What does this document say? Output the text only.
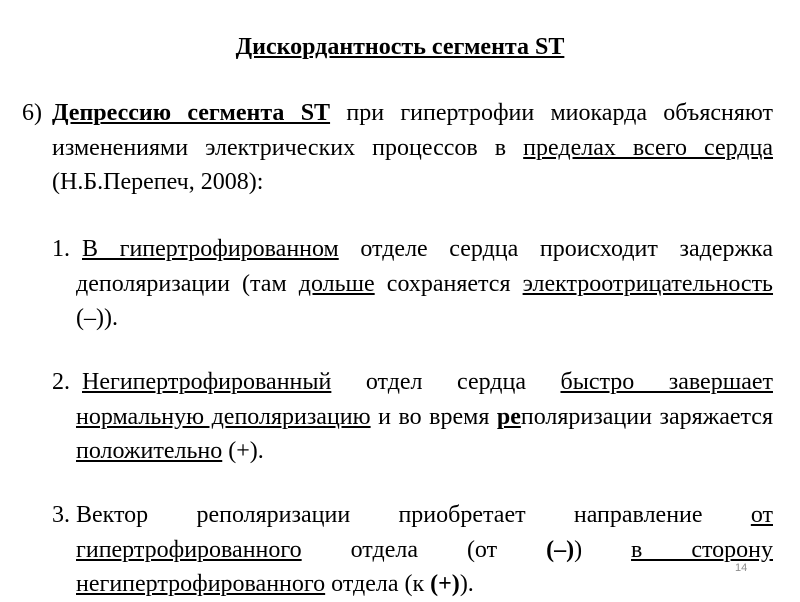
Дискордантность сегмента ST
6) Депрессию сегмента ST при гипертрофии миокарда объясняют изменениями электрических процессов в пределах всего сердца (Н.Б.Перепеч, 2008):
1. В гипертрофированном отделе сердца происходит задержка деполяризации (там дольше сохраняется электроотрицательность (–)).
2. Негипертрофированный отдел сердца быстро завершает нормальную деполяризацию и во время реполяризации заряжается положительно (+).
3. Вектор реполяризации приобретает направление от гипертрофированного отдела (от (–)) в сторону негипертрофированного отдела (к (+)).
14
